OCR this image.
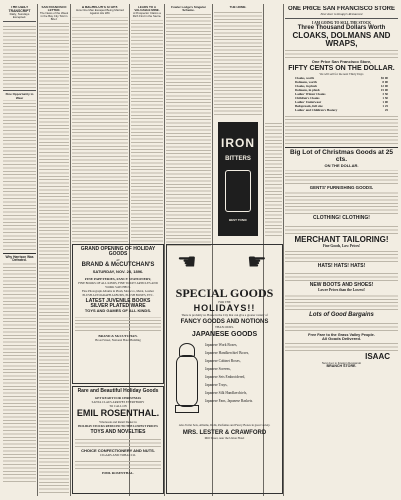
THE DAILY TRANSCRIPT
Daily, Sundays Excepted.
Fine Opportunity to Wear
Why Harrison Was Defeated.
SAN FRANCISCO LETTER.
The News of the Week in the Bay City Told in Brief.
A BACHELOR'S STORY.
How One Man Escaped Being Married Against His Will.
LEADS TO A VALUABLE MINE.
A Prospector Claims a Rich Find in the Sierra.
Fowler Lodge's Singular Scheme.
THE HOME.
IRON
BITTERS
BEST TONIC
GRAND OPENING OF HOLIDAY GOODS
AT
BRAND & McCUTCHAN'S
SATURDAY, NOV. 28, 1896.
FINE PAPETERIES, FANCY STATIONERY,
FINE BOOKS OF ALL KINDS, FINE TOILET ARTICLES AND
WORK SATCHELS.
Fine Photograph Albums in Plush, Morocco, Metal, Leather
PLUSH AUTOGRAPH ALBUMS, PLUSH BOXES, ETC.
LATEST JUVENILE BOOKS
SILVER PLATED WARE
TOYS AND GAMES OF ALL KINDS.
BRAND & McCUTCHAN.
Broad Street, National Hotel Building
Rare and Beautiful Holiday Goods
GET READY FOR CHRISTMAS
SANTA CLAUS ARRIVES EVERYBODY
TO CALL ON
EMIL ROSENTHAL.
Wholesale and Retail Dealer in
HOLIDAY STOCKS REDUCED TO THE LOWEST PRICES
TOYS AND NOVELTIES
CHOICE CONFECTIONERY AND NUTS.
CIGARS AND TOBACCO.
EMIL ROSENTHAL.
☚ ☛
SPECIAL GOODS
FOR THE
HOLIDAYS!!
There is probably no House in the City that can give a greater variety of
FANCY GOODS AND NOTIONS
THAN OURS.
JAPANESE GOODS
Japanese Work Boxes,
Japanese Handkerchief Boxes,
Japanese Cabinet Boxes,
Japanese Screens,
Japanese Sets Embroidered,
Japanese Trays,
Japanese Silk Handkerchiefs,
Japanese Fans, Japanese Baskets.
Also Toilet Sets, Albums, Dolls, Perfumes and Fancy Boxes in great variety.
MRS. LESTER & CRAWFORD
Mill Street, near the Union Hotel
ONE PRICE SAN FRANCISCO STORE
Next door to Knapp's Restaurant
I AM GOING TO SELL THE STOCK
Three Thousand Dollars Worth
CLOAKS, DOLMANS AND WRAPS,
One Price San Francisco Store,
FIFTY CENTS ON THE DOLLAR.
We will sell for the next Thirty Days
Cloaks, worth	$5 00
Dolmans, worth	8 00
Cloaks, in plush	12 00
Dolmans, in plush	15 00
Ladies' Winter Cloaks	3 50
Children's Cloaks	1 50
Ladies' Underwear	1 00
Bedspreads, full size	1 25
Ladies' and Children's Hosiery	25
Big Lot of Christmas Goods at 25 cts.
ON THE DOLLAR.
GENTS' FURNISHING GOODS.
CLOTHING! CLOTHING!
MERCHANT TAILORING!
Fine Goods, Low Prices!
HATS! HATS! HATS!
NEW BOOTS AND SHOES!
Lower Prices than the Lowest!
Lots of Good Bargains
Free Fare to the Grass Valley People.
All Goods Delivered.
ISAAC
Next door to Knapp's Restaurant
BRANCH STORE.
